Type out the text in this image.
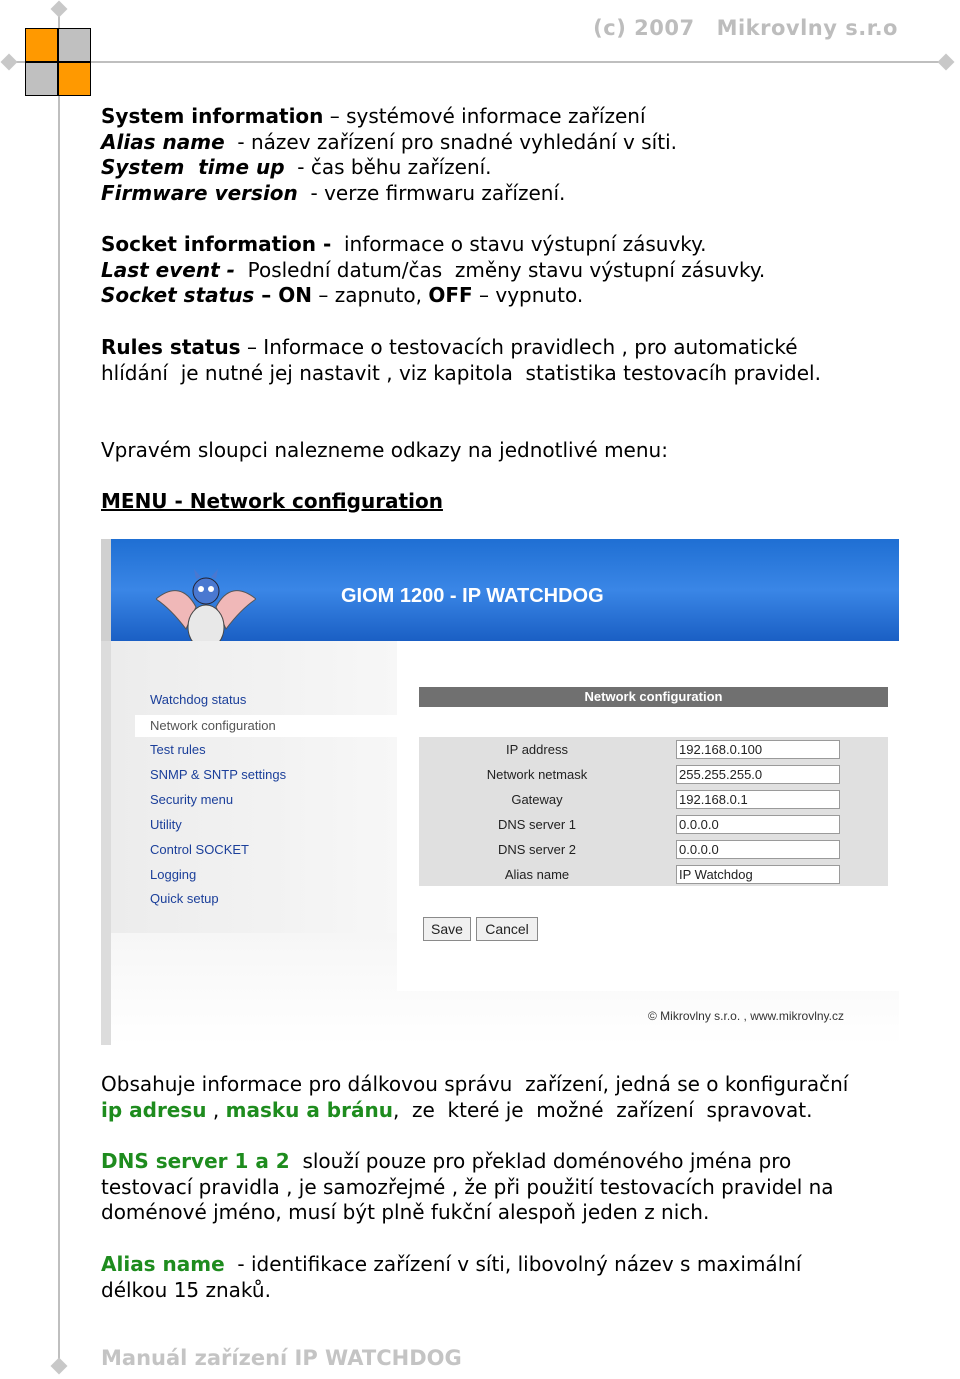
(c) 2007 Mikrovlny s.r.o
System information – systémové informace zařízení
Alias name  - název zařízení pro snadné vyhledání v síti.
System  time up  - čas běhu zařízení.
Firmware version  - verze firmwaru zařízení.
Socket information -  informace o stavu výstupní zásuvky.
Last event -  Poslední datum/čas  změny stavu výstupní zásuvky.
Socket status – ON – zapnuto, OFF – vypnuto.
Rules status – Informace o testovacích pravidlech , pro automatické
hlídání  je nutné jej nastavit , viz kapitola  statistika testovacíh pravidel.
Vpravém sloupci nalezneme odkazy na jednotlivé menu:
MENU - Network configuration
GIOM 1200 - IP WATCHDOG
Watchdog status
Network configuration
Test rules
SNMP & SNTP settings
Security menu
Utility
Control SOCKET
Logging
Quick setup
Network configuration
IP address	192.168.0.100
Network netmask	255.255.255.0
Gateway	192.168.0.1
DNS server 1	0.0.0.0
DNS server 2	0.0.0.0
Alias name	IP Watchdog
Save	Cancel
© Mikrovlny s.r.o. , www.mikrovlny.cz
Obsahuje informace pro dálkovou správu  zařízení, jedná se o konfigurační
ip adresu , masku a bránu,  ze  které je  možné  zařízení  spravovat.
DNS server 1 a 2  slouží pouze pro překlad doménového jména pro
testovací pravidla , je samozřejmé , že při použití testovacích pravidel na
doménové jméno, musí být plně fukční alespoň jeden z nich.
Alias name  - identifikace zařízení v síti, libovolný název s maximální
délkou 15 znaků.
Manuál zařízení IP WATCHDOG
